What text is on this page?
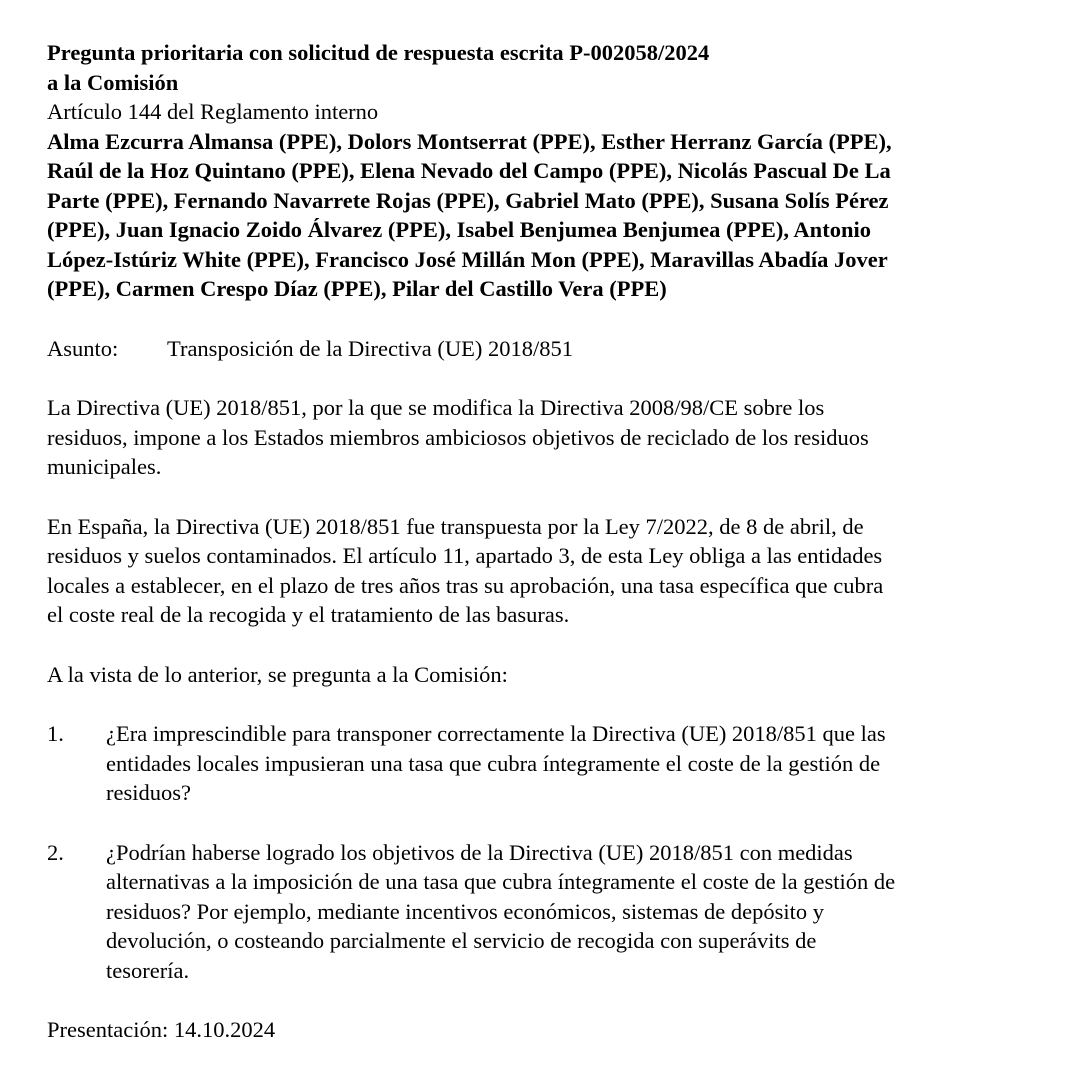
Pregunta prioritaria con solicitud de respuesta escrita P-002058/2024
a la Comisión
Artículo 144 del Reglamento interno
Alma Ezcurra Almansa (PPE), Dolors Montserrat (PPE), Esther Herranz García (PPE),
Raúl de la Hoz Quintano (PPE), Elena Nevado del Campo (PPE), Nicolás Pascual De La
Parte (PPE), Fernando Navarrete Rojas (PPE), Gabriel Mato (PPE), Susana Solís Pérez
(PPE), Juan Ignacio Zoido Álvarez (PPE), Isabel Benjumea Benjumea (PPE), Antonio
López-Istúriz White (PPE), Francisco José Millán Mon (PPE), Maravillas Abadía Jover
(PPE), Carmen Crespo Díaz (PPE), Pilar del Castillo Vera (PPE)
Asunto:	Transposición de la Directiva (UE) 2018/851
La Directiva (UE) 2018/851, por la que se modifica la Directiva 2008/98/CE sobre los
residuos, impone a los Estados miembros ambiciosos objetivos de reciclado de los residuos
municipales.
En España, la Directiva (UE) 2018/851 fue transpuesta por la Ley 7/2022, de 8 de abril, de
residuos y suelos contaminados. El artículo 11, apartado 3, de esta Ley obliga a las entidades
locales a establecer, en el plazo de tres años tras su aprobación, una tasa específica que cubra
el coste real de la recogida y el tratamiento de las basuras.
A la vista de lo anterior, se pregunta a la Comisión:
1.	¿Era imprescindible para transponer correctamente la Directiva (UE) 2018/851 que las
entidades locales impusieran una tasa que cubra íntegramente el coste de la gestión de
residuos?
2.	¿Podrían haberse logrado los objetivos de la Directiva (UE) 2018/851 con medidas
alternativas a la imposición de una tasa que cubra íntegramente el coste de la gestión de
residuos? Por ejemplo, mediante incentivos económicos, sistemas de depósito y
devolución, o costeando parcialmente el servicio de recogida con superávits de
tesorería.
Presentación: 14.10.2024
